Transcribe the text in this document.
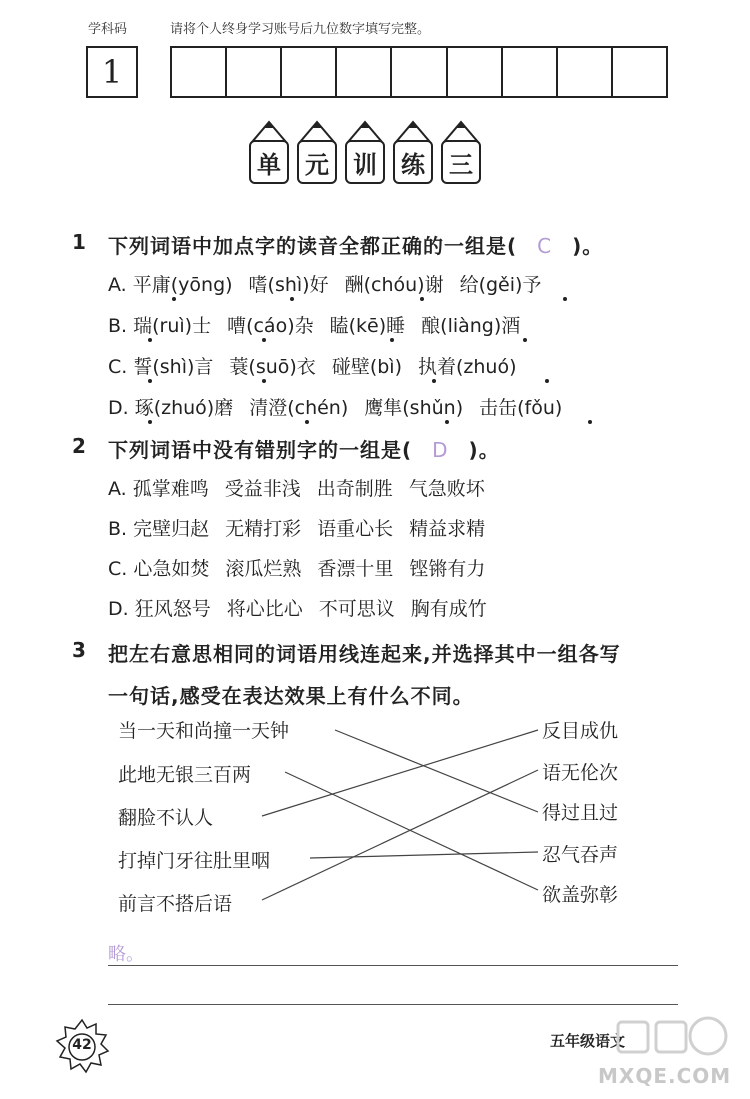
学科码	请将个人终身学习账号后九位数字填写完整。
1
单	元	训	练	三
1 下列词语中加点字的读音全都正确的一组是( C )。
A. 平庸(yōng) 嗜(shì)好 酬(chóu)谢 给(gěi)予
B. 瑞(ruì)士 嘈(cáo)杂 瞌(kē)睡 酿(liàng)酒
C. 誓(shì)言 蓑(suō)衣 碰壁(bì) 执着(zhuó)
D. 琢(zhuó)磨 清澄(chén) 鹰隼(shǔn) 击缶(fǒu)
2 下列词语中没有错别字的一组是( D )。
A. 孤掌难鸣 受益非浅 出奇制胜 气急败坏
B. 完壁归赵 无精打彩 语重心长 精益求精
C. 心急如焚 滚瓜烂熟 香漂十里 铿锵有力
D. 狂风怒号 将心比心 不可思议 胸有成竹
3 把左右意思相同的词语用线连起来,并选择其中一组各写
一句话,感受在表达效果上有什么不同。
当一天和尚撞一天钟
此地无银三百两
翻脸不认人
打掉门牙往肚里咽
前言不搭后语
反目成仇
语无伦次
得过且过
忍气吞声
欲盖弥彰
略。
42	五年级语文
MXQE.COM
